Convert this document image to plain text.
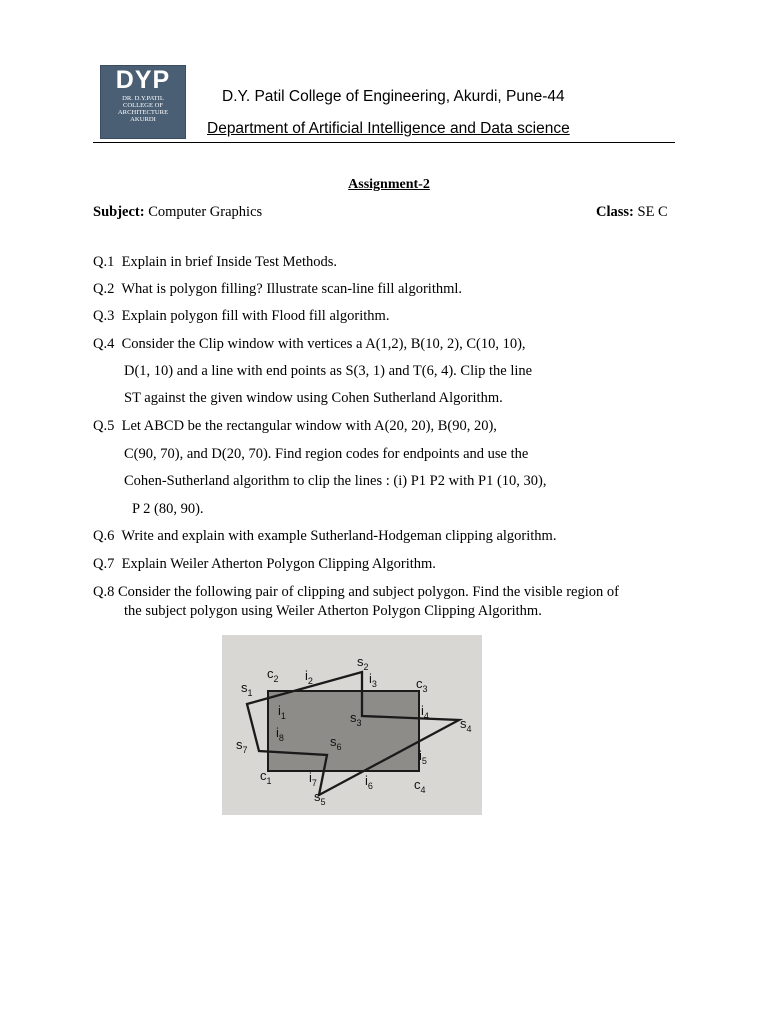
DYP
DR. D.Y.PATIL
COLLEGE OF
ARCHITECTURE
AKURDI
D.Y. Patil College of Engineering, Akurdi, Pune-44
Department of Artificial Intelligence and Data science
Assignment-2
Subject: Computer Graphics	Class: SE C
Q.1 Explain in brief Inside Test Methods.
Q.2 What is polygon filling? Illustrate scan-line fill algorithml.
Q.3 Explain polygon fill with Flood fill algorithm.
Q.4 Consider the Clip window with vertices a A(1,2), B(10, 2), C(10, 10),
D(1, 10) and a line with end points as S(3, 1) and T(6, 4). Clip the line
ST against the given window using Cohen Sutherland Algorithm.
Q.5 Let ABCD be the rectangular window with A(20, 20), B(90, 20),
C(90, 70), and D(20, 70). Find region codes for endpoints and use the
Cohen-Sutherland algorithm to clip the lines : (i) P1 P2 with P1 (10, 30),
P 2 (80, 90).
Q.6 Write and explain with example Sutherland-Hodgeman clipping algorithm.
Q.7 Explain Weiler Atherton Polygon Clipping Algorithm.
Q.8 Consider the following pair of clipping and subject polygon. Find the visible region of
the subject polygon using Weiler Atherton Polygon Clipping Algorithm.
$c_2$ $i_2$
$s_2$
$i_3$	$c_3$
$s_1$
$i_1$	$s_3$
$i_4$ $s_4$
$i_8$	$s_6$
$s_7$	$i_5$
$c_1$	$i_7$	$i_6$	$c_4$
$s_5$
